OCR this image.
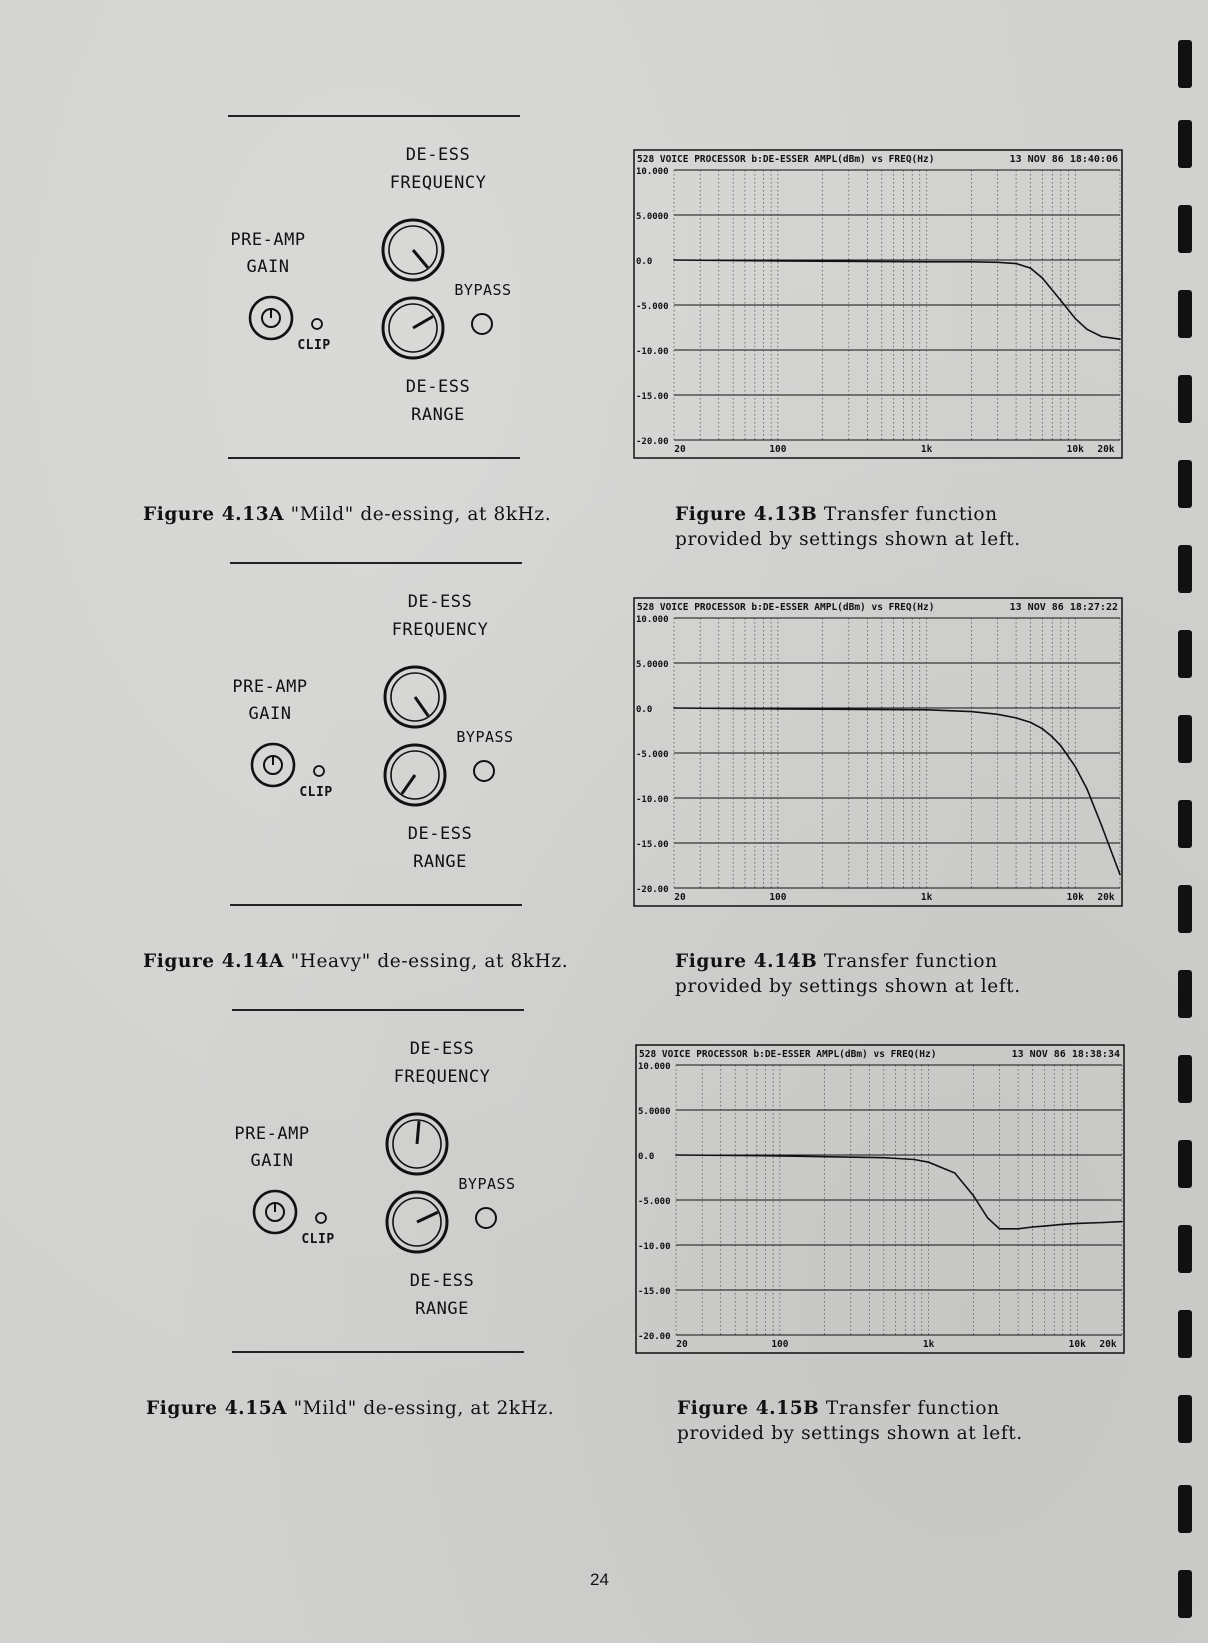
DE-ESS
FREQUENCY
PRE-AMP
GAIN
BYPASS
CLIP
DE-ESS
RANGE
528 VOICE PROCESSOR b:DE-ESSER AMPL(dBm) vs FREQ(Hz)	13 NOV 86 18:40:06
10.000
5.0000
0.0
-5.000
-10.00
-15.00
-20.00
20	100	1k	10k 20k
Figure 4.13A "Mild" de-essing, at 8kHz.	Figure 4.13B Transfer function
provided by settings shown at left.
DE-ESS
FREQUENCY
PRE-AMP
GAIN
BYPASS
CLIP
DE-ESS
RANGE
528 VOICE PROCESSOR b:DE-ESSER AMPL(dBm) vs FREQ(Hz)	13 NOV 86 18:27:22
10.000
5.0000
0.0
-5.000
-10.00
-15.00
-20.00
20	100	1k	10k 20k
Figure 4.14A "Heavy" de-essing, at 8kHz.	Figure 4.14B Transfer function
provided by settings shown at left.
DE-ESS
FREQUENCY
PRE-AMP
GAIN
BYPASS
CLIP
DE-ESS
RANGE
528 VOICE PROCESSOR b:DE-ESSER AMPL(dBm) vs FREQ(Hz)	13 NOV 86 18:38:34
10.000
5.0000
0.0
-5.000
-10.00
-15.00
-20.00
20	100	1k	10k 20k
Figure 4.15A "Mild" de-essing, at 2kHz.	Figure 4.15B Transfer function
provided by settings shown at left.
24
